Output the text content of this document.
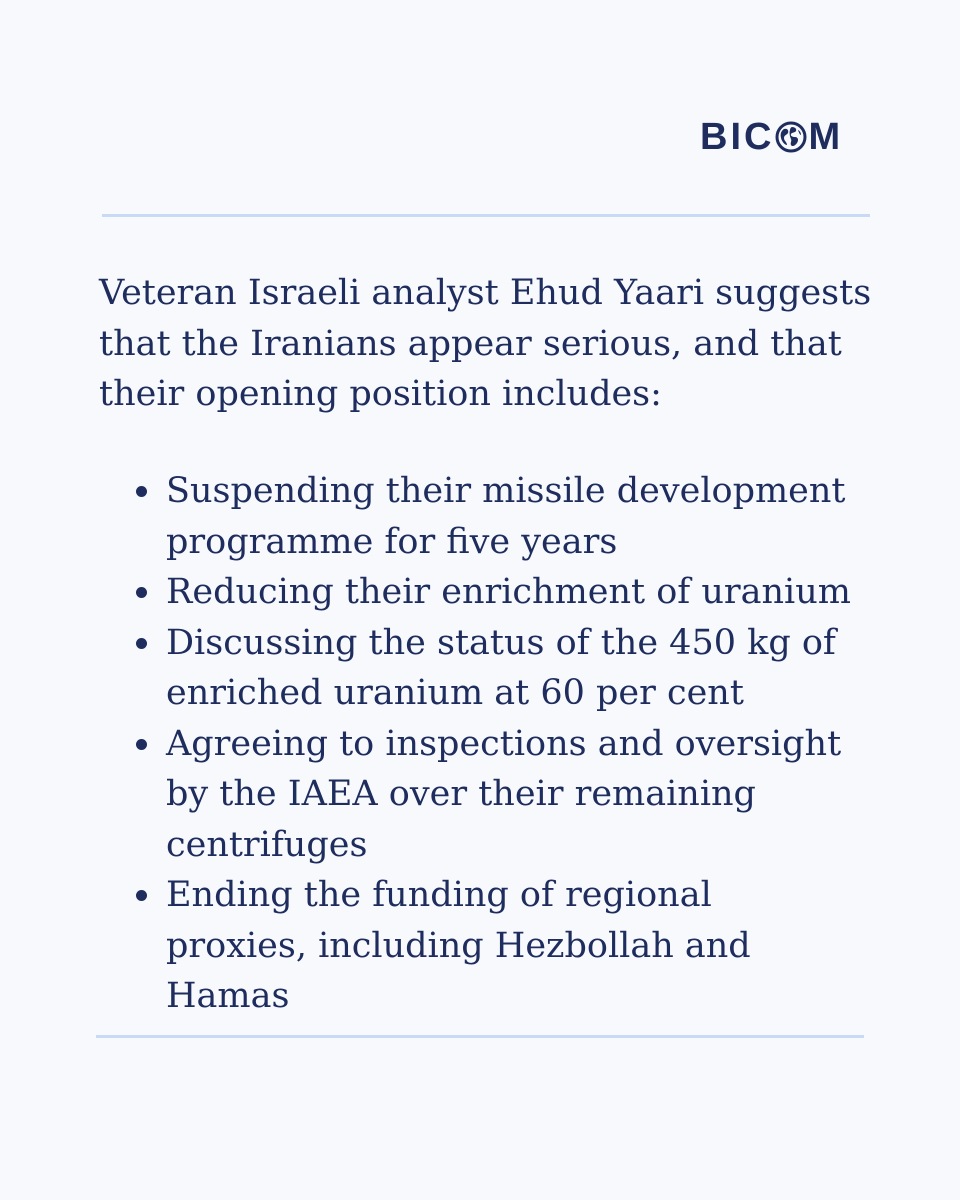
BIC M

Veteran Israeli analyst Ehud Yaari suggests that the Iranians appear serious, and that their opening position includes:

Suspending their missile development programme for five years
Reducing their enrichment of uranium
Discussing the status of the 450 kg of enriched uranium at 60 per cent
Agreeing to inspections and oversight by the IAEA over their remaining centrifuges
Ending the funding of regional proxies, including Hezbollah and Hamas
